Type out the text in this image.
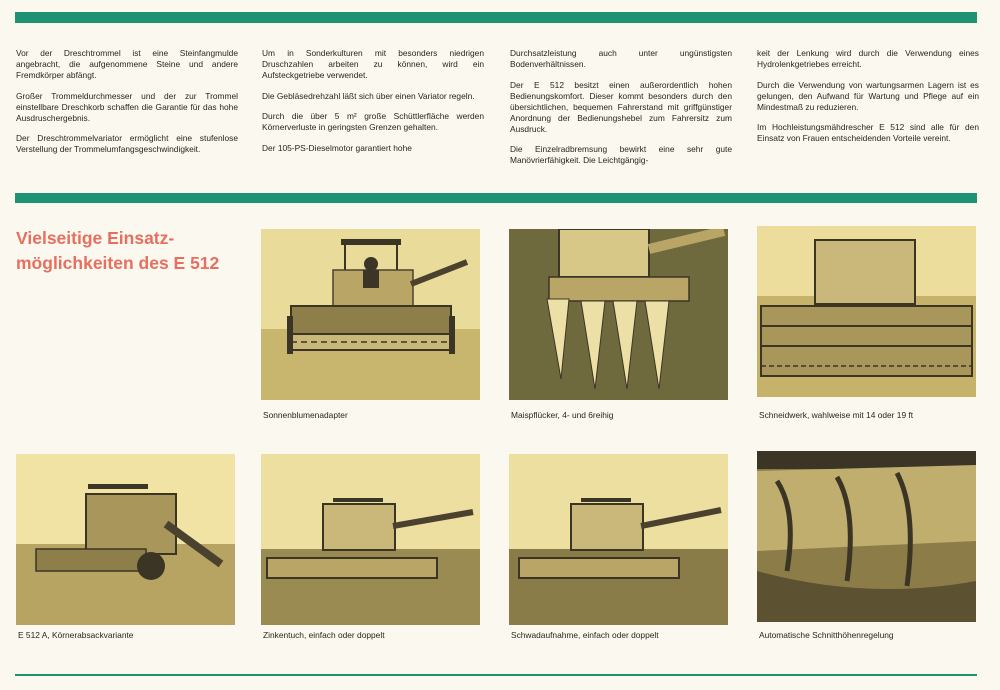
Vor der Dreschtrommel ist eine Steinfangmulde angebracht, die aufgenommene Steine und andere Fremdkörper abfängt.

Großer Trommeldurchmesser und der zur Trommel einstellbare Dreschkorb schaffen die Garantie für das hohe Ausdruschergebnis.

Der Dreschtrommelvariator ermöglicht eine stufenlose Verstellung der Trommelumfangsgeschwindigkeit.

Um in Sonderkulturen mit besonders niedrigen Druschzahlen arbeiten zu können, wird ein Aufsteckgetriebe verwendet.

Die Gebläsedrehzahl läßt sich über einen Variator regeln.

Durch die über 5 m² große Schüttlerfläche werden Körnerverluste in geringsten Grenzen gehalten.

Der 105-PS-Dieselmotor garantiert hohe

Durchsatzleistung auch unter ungünstigsten Bodenverhältnissen.

Der E 512 besitzt einen außerordentlich hohen Bedienungskomfort. Dieser kommt besonders durch den übersichtlichen, bequemen Fahrerstand mit griffgünstiger Anordnung der Bedienungshebel zum Fahrersitz zum Ausdruck.

Die Einzelradbremsung bewirkt eine sehr gute Manövrierfähigkeit. Die Leichtgängig-

keit der Lenkung wird durch die Verwendung eines Hydrolenkgetriebes erreicht.

Durch die Verwendung von wartungsarmen Lagern ist es gelungen, den Aufwand für Wartung und Pflege auf ein Mindestmaß zu reduzieren.

Im Hochleistungsmähdrescher E 512 sind alle für den Einsatz von Frauen entscheidenden Vorteile vereint.

Vielseitige Einsatz-
möglichkeiten des E 512
Sonnenblumenadapter	Maispflücker, 4- und 6reihig	Schneidwerk, wahlweise mit 14 oder 19 ft
E 512 A, Körnerabsackvariante	Zinkentuch, einfach oder doppelt	Schwadaufnahme, einfach oder doppelt	Automatische Schnitthöhenregelung
